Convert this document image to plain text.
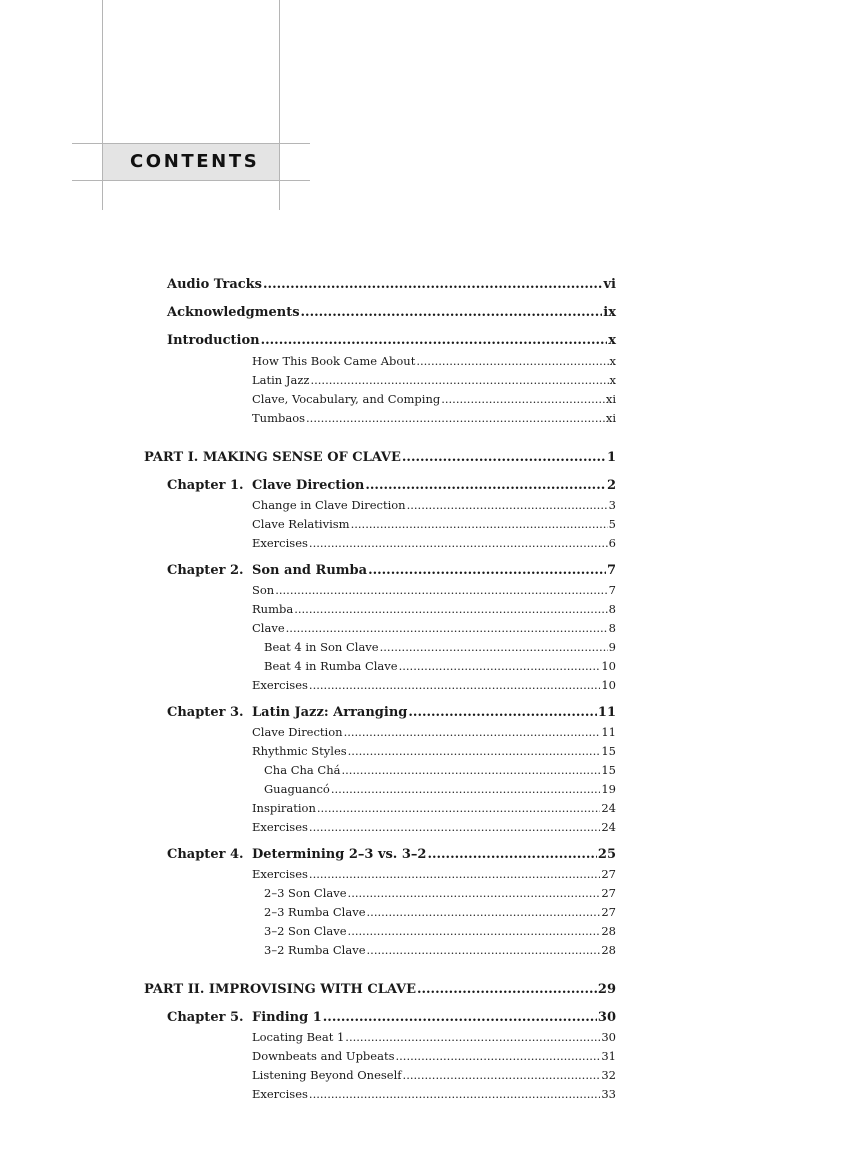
CONTENTS
Audio Tracks .....	vi
Acknowledgments .....	ix
Introduction .....	x
How This Book Came About .....	x
Latin Jazz .....	x
Clave, Vocabulary, and Comping .....	xi
Tumbaos .....	xi
PART I. MAKING SENSE OF CLAVE .....	1
Chapter 1. Clave Direction .....	2
Change in Clave Direction .....	3
Clave Relativism .....	5
Exercises .....	6
Chapter 2. Son and Rumba .....	7
Son .....	7
Rumba .....	8
Clave .....	8
Beat 4 in Son Clave .....	9
Beat 4 in Rumba Clave .....	10
Exercises .....	10
Chapter 3. Latin Jazz: Arranging .....	11
Clave Direction .....	11
Rhythmic Styles .....	15
Cha Cha Chá .....	15
Guaguancó .....	19
Inspiration .....	24
Exercises .....	24
Chapter 4. Determining 2–3 vs. 3–2 .....	25
Exercises .....	27
2–3 Son Clave .....	27
2–3 Rumba Clave .....	27
3–2 Son Clave .....	28
3–2 Rumba Clave .....	28
PART II. IMPROVISING WITH CLAVE .....	29
Chapter 5. Finding 1 .....	30
Locating Beat 1 .....	30
Downbeats and Upbeats .....	31
Listening Beyond Oneself .....	32
Exercises .....	33
